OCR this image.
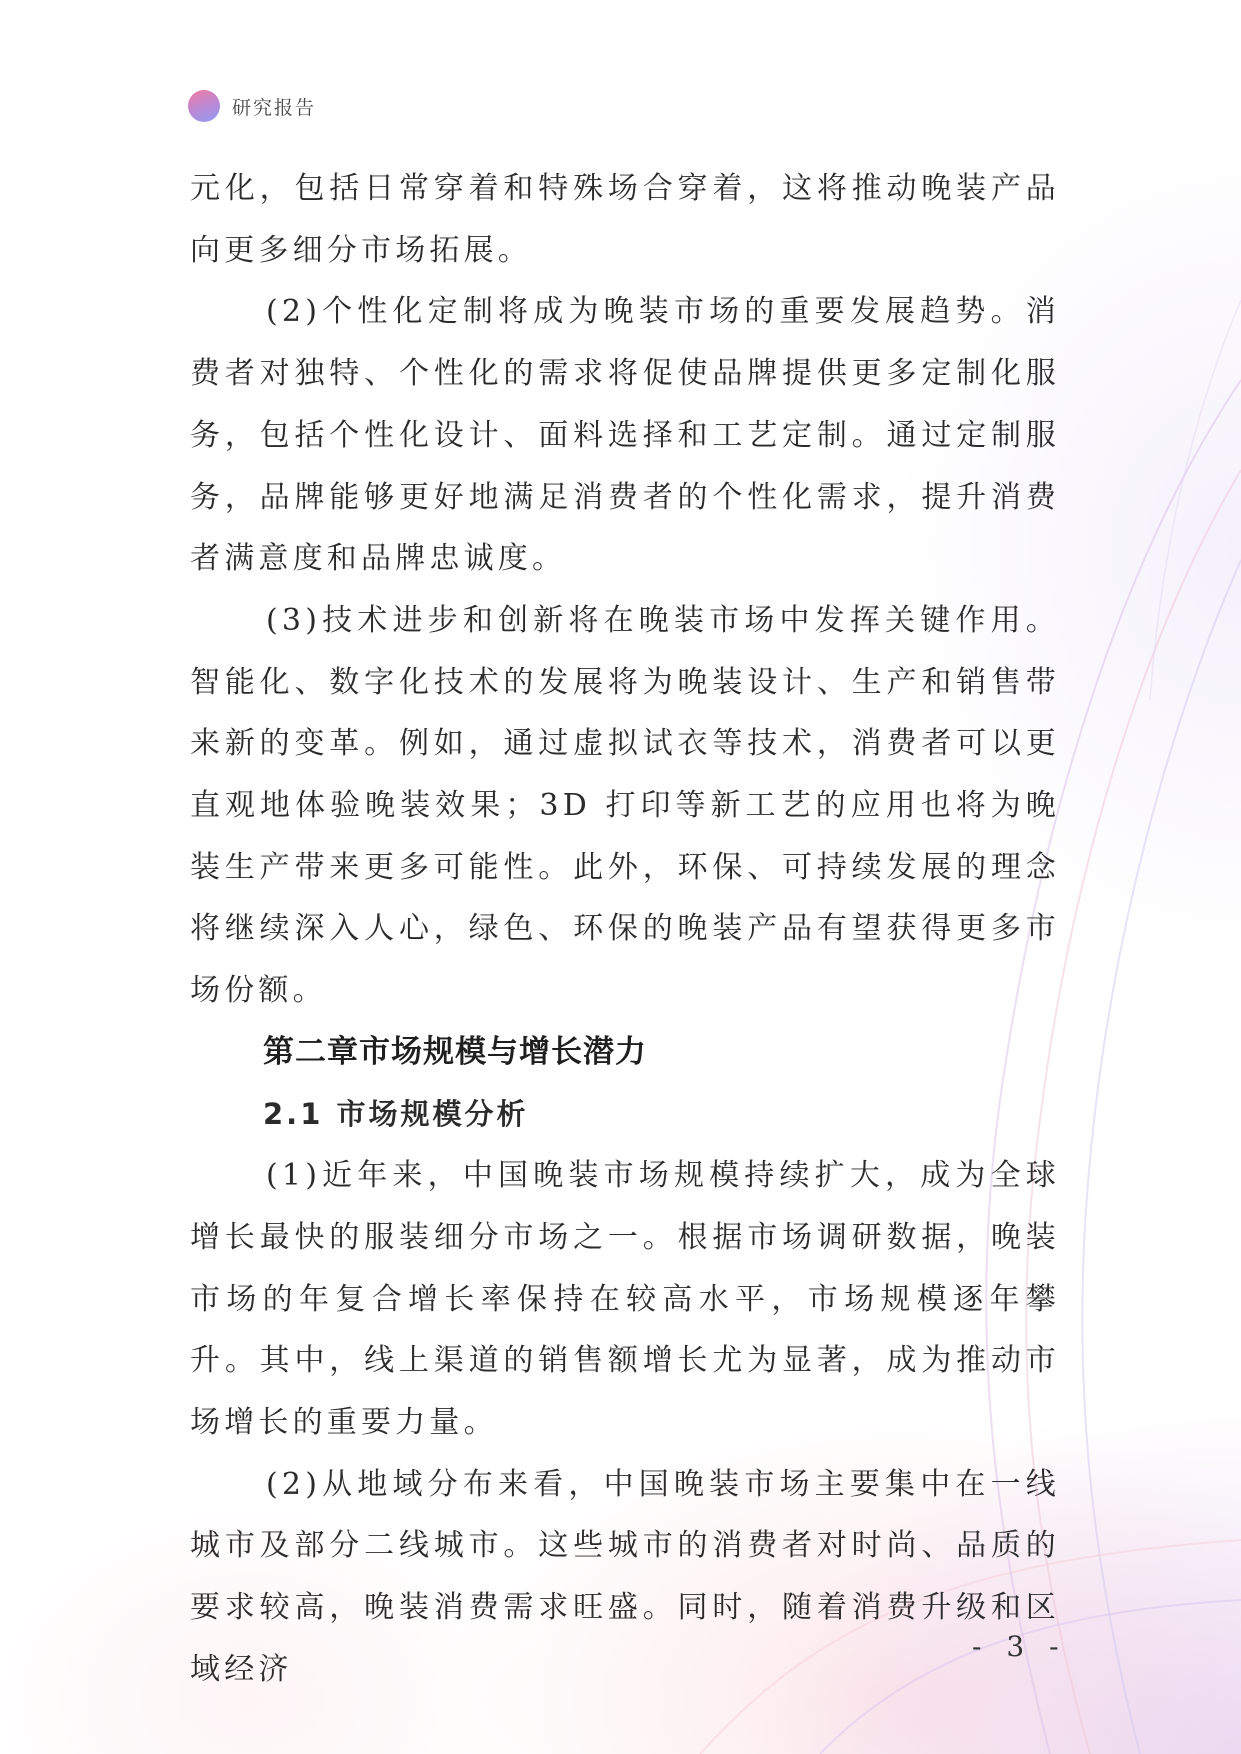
研究报告

元化，包括日常穿着和特殊场合穿着，这将推动晚装产品向更多细分市场拓展。

(2)个性化定制将成为晚装市场的重要发展趋势。消费者对独特、个性化的需求将促使品牌提供更多定制化服务，包括个性化设计、面料选择和工艺定制。通过定制服务，品牌能够更好地满足消费者的个性化需求，提升消费者满意度和品牌忠诚度。

(3)技术进步和创新将在晚装市场中发挥关键作用。智能化、数字化技术的发展将为晚装设计、生产和销售带来新的变革。例如，通过虚拟试衣等技术，消费者可以更直观地体验晚装效果；3D 打印等新工艺的应用也将为晚装生产带来更多可能性。此外，环保、可持续发展的理念将继续深入人心，绿色、环保的晚装产品有望获得更多市场份额。

第二章市场规模与增长潜力
2.1 市场规模分析

(1)近年来，中国晚装市场规模持续扩大，成为全球增长最快的服装细分市场之一。根据市场调研数据，晚装市场的年复合增长率保持在较高水平，市场规模逐年攀升。其中，线上渠道的销售额增长尤为显著，成为推动市场增长的重要力量。

(2)从地域分布来看，中国晚装市场主要集中在一线城市及部分二线城市。这些城市的消费者对时尚、品质的要求较高，晚装消费需求旺盛。同时，随着消费升级和区域经济

- 3 -
